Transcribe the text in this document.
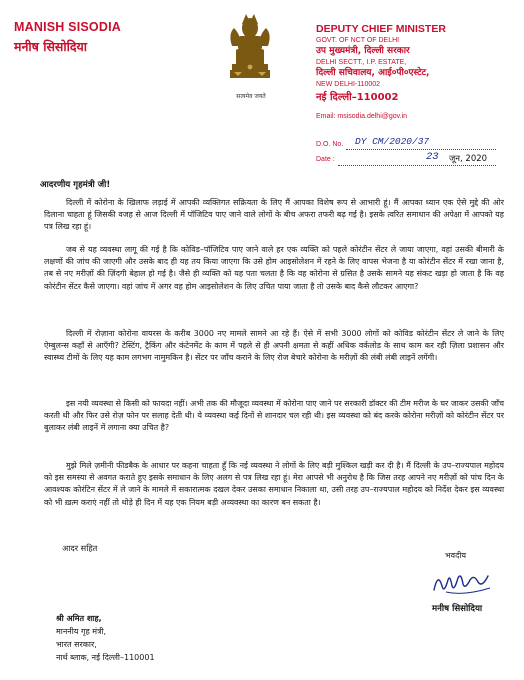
MANISH SISODIA
मनीष सिसोदिया
सत्यमेव जयते
DEPUTY CHIEF MINISTER
GOVT. OF NCT OF DELHI
उप मुख्यमंत्री, दिल्ली सरकार
DELHI SECTT., I.P. ESTATE,
दिल्ली सचिवालय, आई०पी०एस्टेट,
NEW DELHI-110002
नई दिल्ली–110002
Email: msisodia.delhi@gov.in
D.O. No. DY CM/2020/37
Date :	23 जून, 2020
आदरणीय गृहमंत्री जी!
दिल्ली में कोरोना के खिलाफ लड़ाई में आपकी व्यक्तिगत सक्रियता के लिए मैं आपका विशेष रूप से आभारी हूं। मैं आपका ध्यान एक ऐसे मुद्दे की ओर दिलाना चाहता हूं जिसकी वजह से आज दिल्ली में पॉजिटिव पाए जाने वाले लोगों के बीच अफरा तफरी बढ़ गई है। इसके त्वरित समाधान की अपेक्षा में आपको यह पत्र लिख रहा हूं।
जब से यह व्यवस्था लागू की गई है कि कोविड–पॉजिटिव पाए जाने वाले हर एक व्यक्ति को पहले कोरंटीन सेंटर ले जाया जाएगा, वहां उसकी बीमारी के लक्षणों की जांच की जाएगी और उसके बाद ही यह तय किया जाएगा कि उसे होम आइसोलेशन में रहने के लिए वापस भेजना है या कोरंटीन सेंटर में रखा जाना है, तब से नए मरीज़ों की ज़िंदगी बेहाल हो गई है। जैसे ही व्यक्ति को यह पता चलता है कि वह कोरोना से ग्रसित है उसके सामने यह संकट खड़ा हो जाता है कि वह कोरंटीन सेंटर कैसे जाएगा। वहां जांच में अगर वह होम आइसोलेशन के लिए उचित पाया जाता है तो उसके बाद कैसे लौटकर आएगा?
दिल्ली में रोज़ाना कोरोना वायरस के करीब 3000 नए मामले सामने आ रहे हैं। ऐसे में सभी 3000 लोगों को कोविड कोरंटीन सेंटर ले जाने के लिए ऐम्बुलन्स कहाँ से आएँगी? टेस्टिंग, ट्रैकिंग और कंटेनमेंट के काम में पहले से ही अपनी क्षमता से कहीं अधिक वर्कलोड के साथ काम कर रही ज़िला प्रशासन और स्वास्थ्य टीमों के लिए यह काम लगभग नामुमकिन है। सेंटर पर जाँच कराने के लिए रोज बेचारे कोरोना के मरीज़ों की लंबी लंबी लाइनें लगेंगी।
इस नयी व्यवस्था से किसी को फायदा नहीं। अभी तक की मौजूदा व्यवस्था में कोरोना पाए जाने पर सरकारी डॉक्टर की टीम मरीज के घर जाकर उसकी जाँच करती थी और फिर उसे रोज़ फोन पर सलाह देती थी। ये व्यवस्था कई दिनों से शानदार चल रही थी। इस व्यवस्था को बंद करके कोरोना मरीज़ों को कोरंटीन सेंटर पर बुलाकर लंबी लाइनें में लगाना क्या उचित है?
मुझे मिले ज़मीनी फीडबैक के आधार पर कहना चाहता हूँ कि नई व्यवस्था ने लोगों के लिए बड़ी मुश्किल खड़ी कर दी है। मैं दिल्ली के उप–राज्यपाल महोदय को इस समस्या से अवगत कराते हुए इसके समाधान के लिए अलग से पत्र लिख रहा हूं। मेरा आपसे भी अनुरोध है कि जिस तरह आपने नए मरीज़ों को पांच दिन के आवश्यक कोरंटिन सेंटर में ले जाने के मामले में सकारात्मक दखल देकर उसका समाधान निकाला था, उसी तरह उप–राज्यपाल महोदय को निर्देश देकर इस व्यवस्था को भी ख़त्म कराएं नहीं तो थोड़े ही दिन में यह एक नियम बड़ी अव्यवस्था का कारण बन सकता है।
आदर सहित
भवदीय
मनीष सिसोदिया
श्री अमित शाह,
माननीय गृह मंत्री,
भारत सरकार,
नार्थ ब्लाक, नई दिल्ली–110001
